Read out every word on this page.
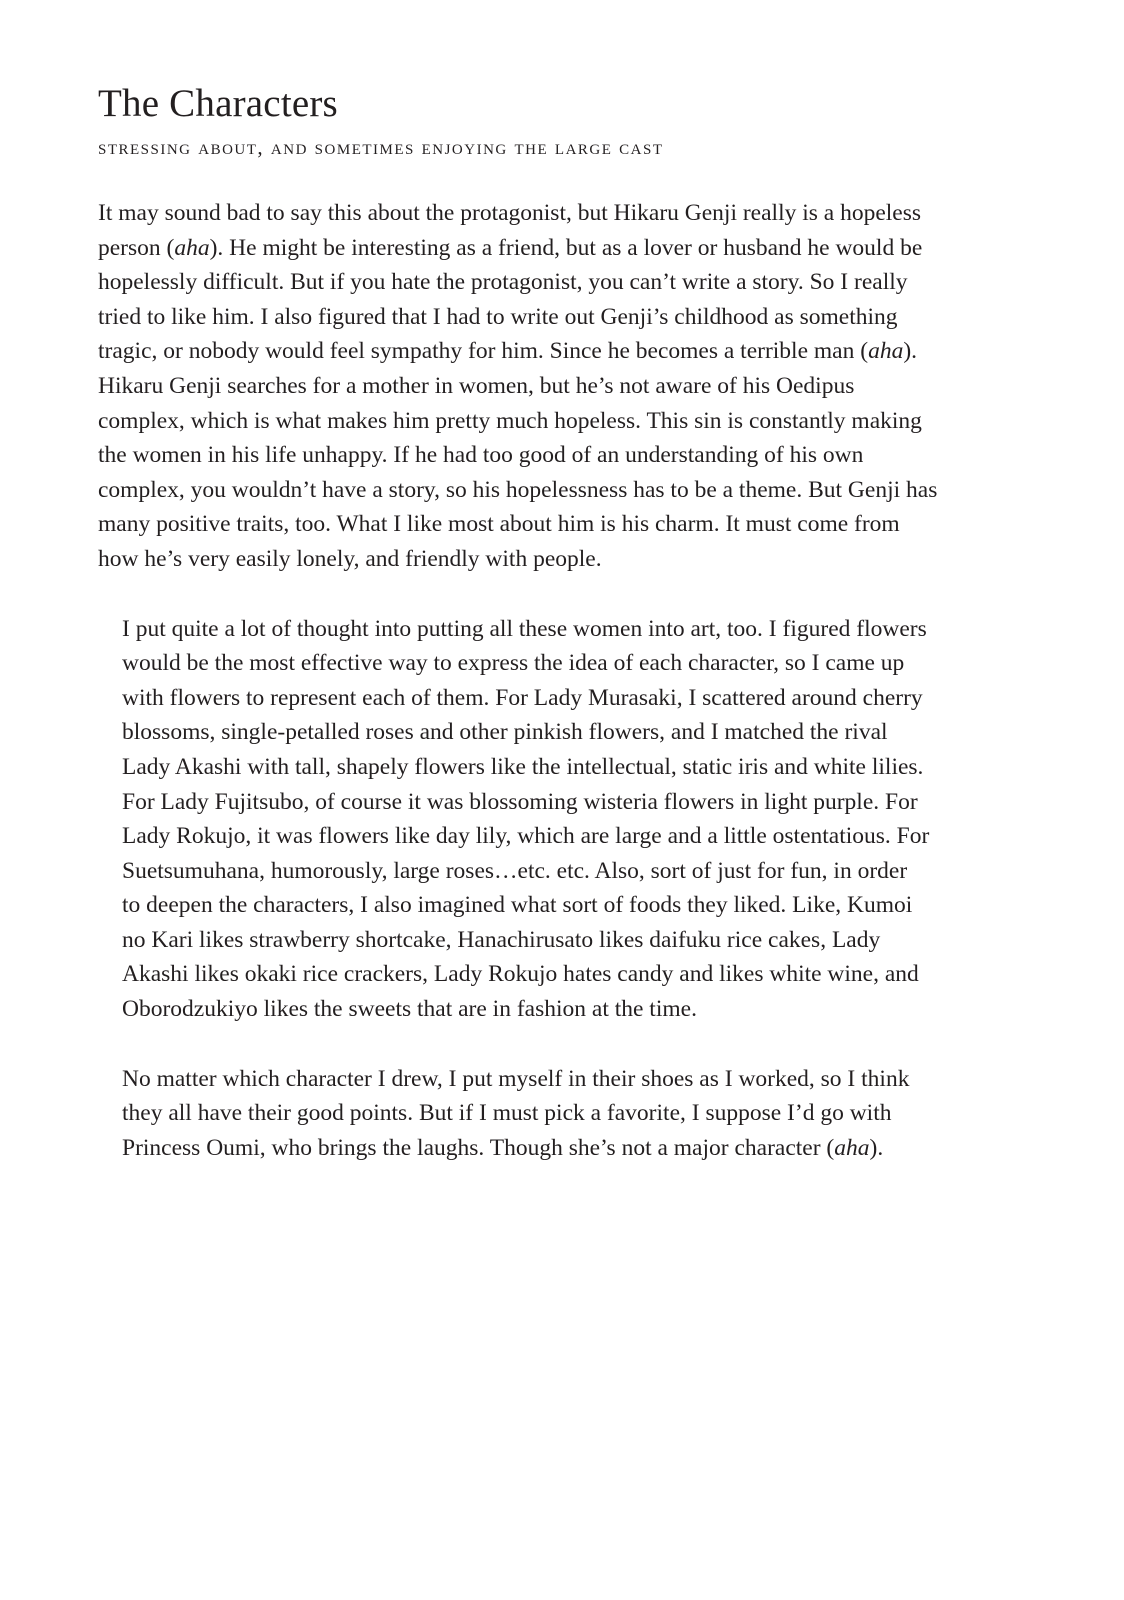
The Characters
stressing about, and sometimes enjoying the large cast

It may sound bad to say this about the protagonist, but Hikaru Genji really is a hopeless
person (aha). He might be interesting as a friend, but as a lover or husband he would be
hopelessly difficult. But if you hate the protagonist, you can’t write a story. So I really
tried to like him. I also figured that I had to write out Genji’s childhood as something
tragic, or nobody would feel sympathy for him. Since he becomes a terrible man (aha).
Hikaru Genji searches for a mother in women, but he’s not aware of his Oedipus
complex, which is what makes him pretty much hopeless. This sin is constantly making
the women in his life unhappy. If he had too good of an understanding of his own
complex, you wouldn’t have a story, so his hopelessness has to be a theme. But Genji has
many positive traits, too. What I like most about him is his charm. It must come from
how he’s very easily lonely, and friendly with people.

I put quite a lot of thought into putting all these women into art, too. I figured flowers
would be the most effective way to express the idea of each character, so I came up
with flowers to represent each of them. For Lady Murasaki, I scattered around cherry
blossoms, single-petalled roses and other pinkish flowers, and I matched the rival
Lady Akashi with tall, shapely flowers like the intellectual, static iris and white lilies.
For Lady Fujitsubo, of course it was blossoming wisteria flowers in light purple. For
Lady Rokujo, it was flowers like day lily, which are large and a little ostentatious. For
Suetsumuhana, humorously, large roses…etc. etc. Also, sort of just for fun, in order
to deepen the characters, I also imagined what sort of foods they liked. Like, Kumoi
no Kari likes strawberry shortcake, Hanachirusato likes daifuku rice cakes, Lady
Akashi likes okaki rice crackers, Lady Rokujo hates candy and likes white wine, and
Oborodzukiyo likes the sweets that are in fashion at the time.

No matter which character I drew, I put myself in their shoes as I worked, so I think
they all have their good points. But if I must pick a favorite, I suppose I’d go with
Princess Oumi, who brings the laughs. Though she’s not a major character (aha).
